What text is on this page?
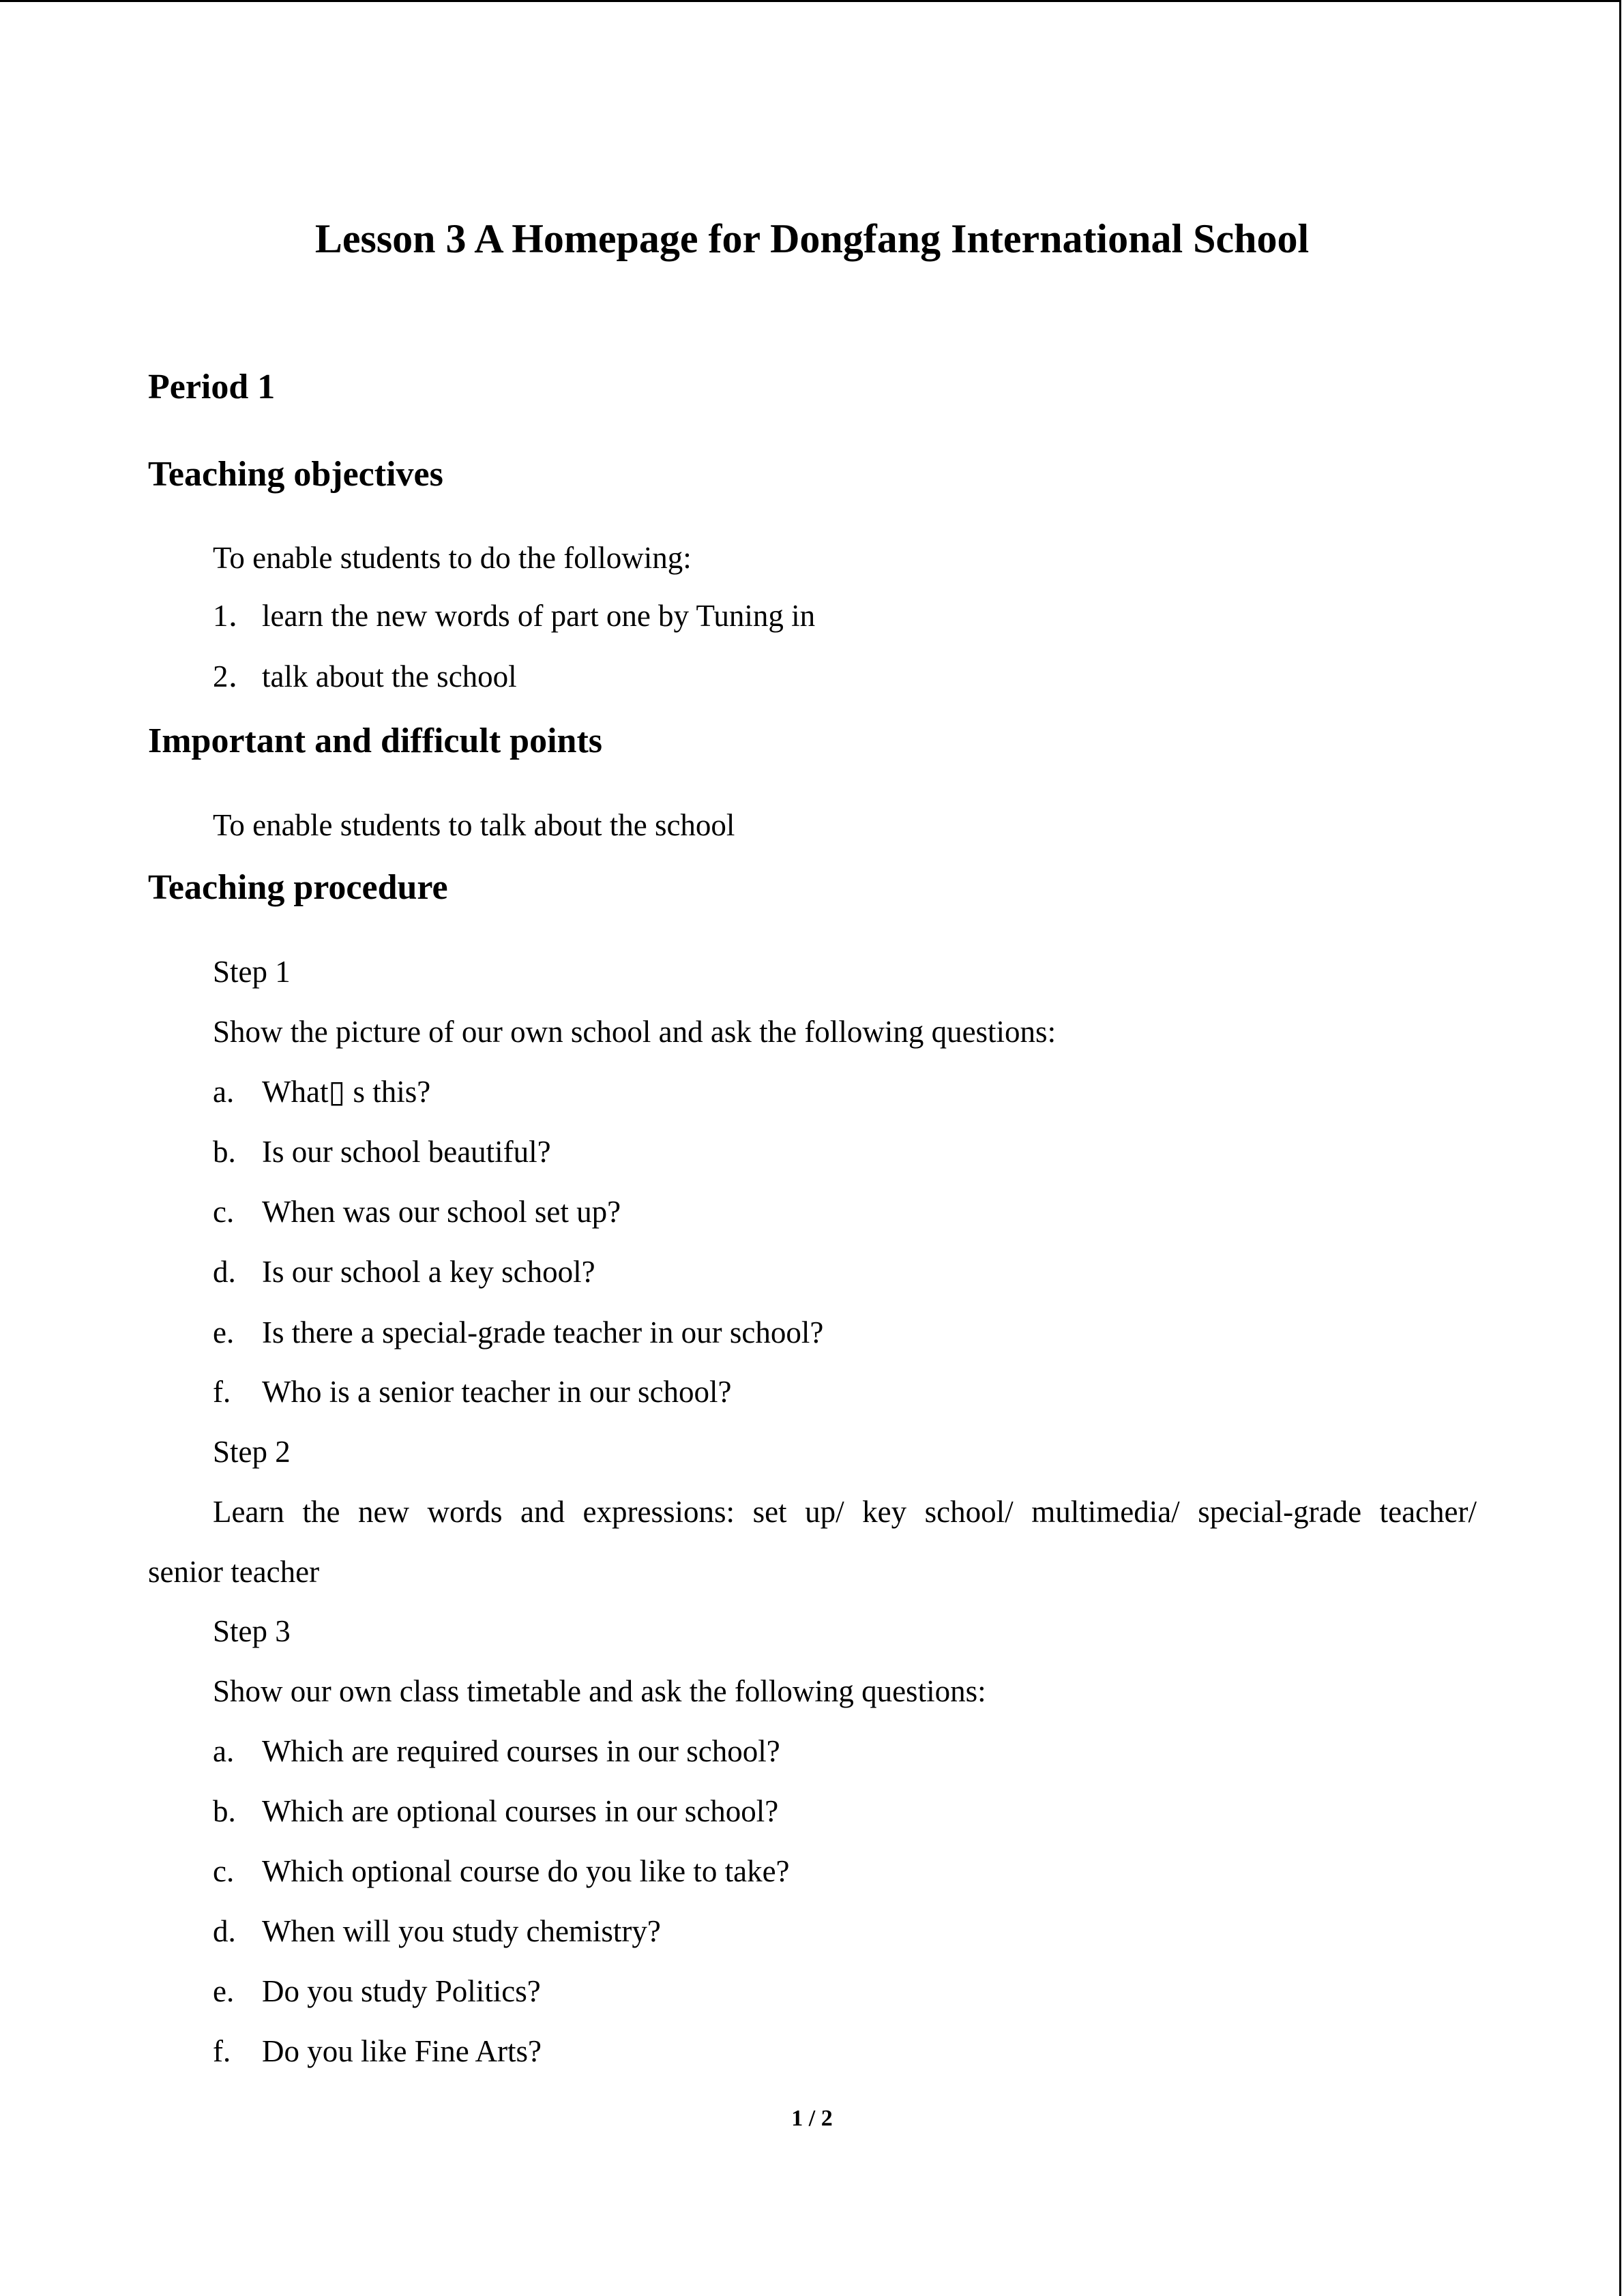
Lesson 3 A Homepage for Dongfang International School
Period 1
Teaching objectives
To enable students to do the following:
1．learn the new words of part one by Tuning in
2．talk about the school
Important and difficult points
To enable students to talk about the school
Teaching procedure
Step 1
Show the picture of our own school and ask the following questions:
a. What▯ s this?
b. Is our school beautiful?
c. When was our school set up?
d. Is our school a key school?
e. Is there a special-grade teacher in our school?
f. Who is a senior teacher in our school?
Step 2
Learn the new words and expressions: set up/ key school/ multimedia/ special-grade teacher/
senior teacher
Step 3
Show our own class timetable and ask the following questions:
a. Which are required courses in our school?
b. Which are optional courses in our school?
c. Which optional course do you like to take?
d. When will you study chemistry?
e. Do you study Politics?
f. Do you like Fine Arts?
1 / 2
